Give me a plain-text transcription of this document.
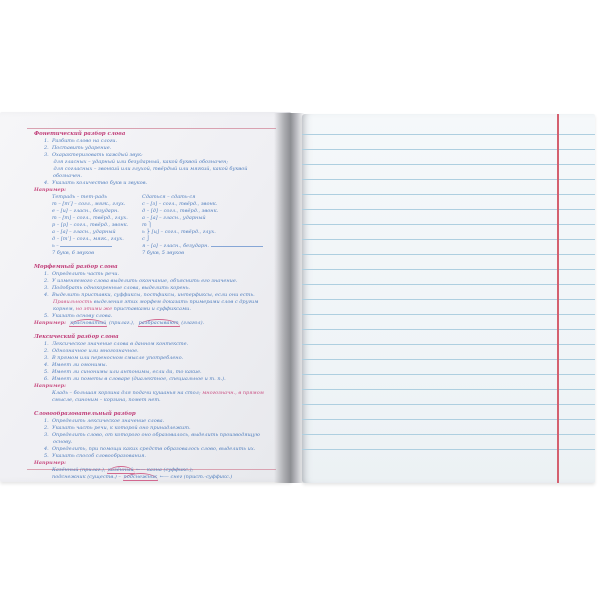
Фонетический разбор слова
1.  Разбить слово на слоги.
2.  Поставить ударение.
3.  Охарактеризовать каждый звук:
для гласных – ударный или безударный, какой буквой обозначен;
для согласных – звонкий или глухой, твёрдый или мягкий, какой буквой обозначен.
4.  Указать количество букв и звуков.
Например:
Тетрадь – тет-радь
т – [т’] – согл., мягк., глух.
е – [и] – гласн., безударн.
т – [т] – согл., твёрд., глух.
р – [р] – согл., твёрд., звонк.
а – [а] – гласн., ударный
д – [т’] – согл., мягк., глух.
ь –
7 букв, 6 звуков
Сдаться – сдать-ся
с – [з] – согл., твёрд., звонк.
д – [д] – согл., твёрд., звонк.
а – [а] – гласн., ударный
т ⎫
ь ⎬ [ц] – согл., твёрд., глух.
с ⎭
я – [а] – гласн., безударн.
7 букв, 5 звуков
Морфемный разбор слова
1.  Определить часть речи.
2.  У изменяемого слова выделить окончание, объяснить его значение.
3.  Подобрать однокоренные слова, выделить корень.
4.  Выделить приставки, суффиксы, постфиксы, интерфиксы, если они есть. Правильность выделения этих морфем доказать примерами слов с другим корнем, но этими же приставками и суффиксами.
5.  Указать основу слова.
Например: красноватый (прилаг.),  разбрасывают (глагол).
Лексический разбор слова
1.  Лексическое значение слова в данном контексте.
2.  Однозначное или многозначное.
3.  В прямом или переносном смысле употреблено.
4.  Имеет ли омонимы.
5.  Имеет ли синонимы или антонимы, если да, то какие.
6.  Имеет ли пометы в словаре (диалектное, специальное и т. п.).
Например:
Кладь – большая корзина для подачи кушанья на стол; многозначн., в прямом смысле, синоним – корзина, помет нет.
Словообразовательный разбор
1.  Определить лексическое значение слова.
2.  Указать часть речи, к которой оно принадлежит.
3.  Определить слово, от которого оно образовалось, выделить производящую основу.
4.  Определить, при помощи каких средств образовалось слово, выделить их.
5.  Указать способ словообразования.
Например:
Казённый (прилаг.), казённый ←— казна (суффикс.);
подснежник (существ.) – подснежник ←— снег (прист.-суффикс.)
